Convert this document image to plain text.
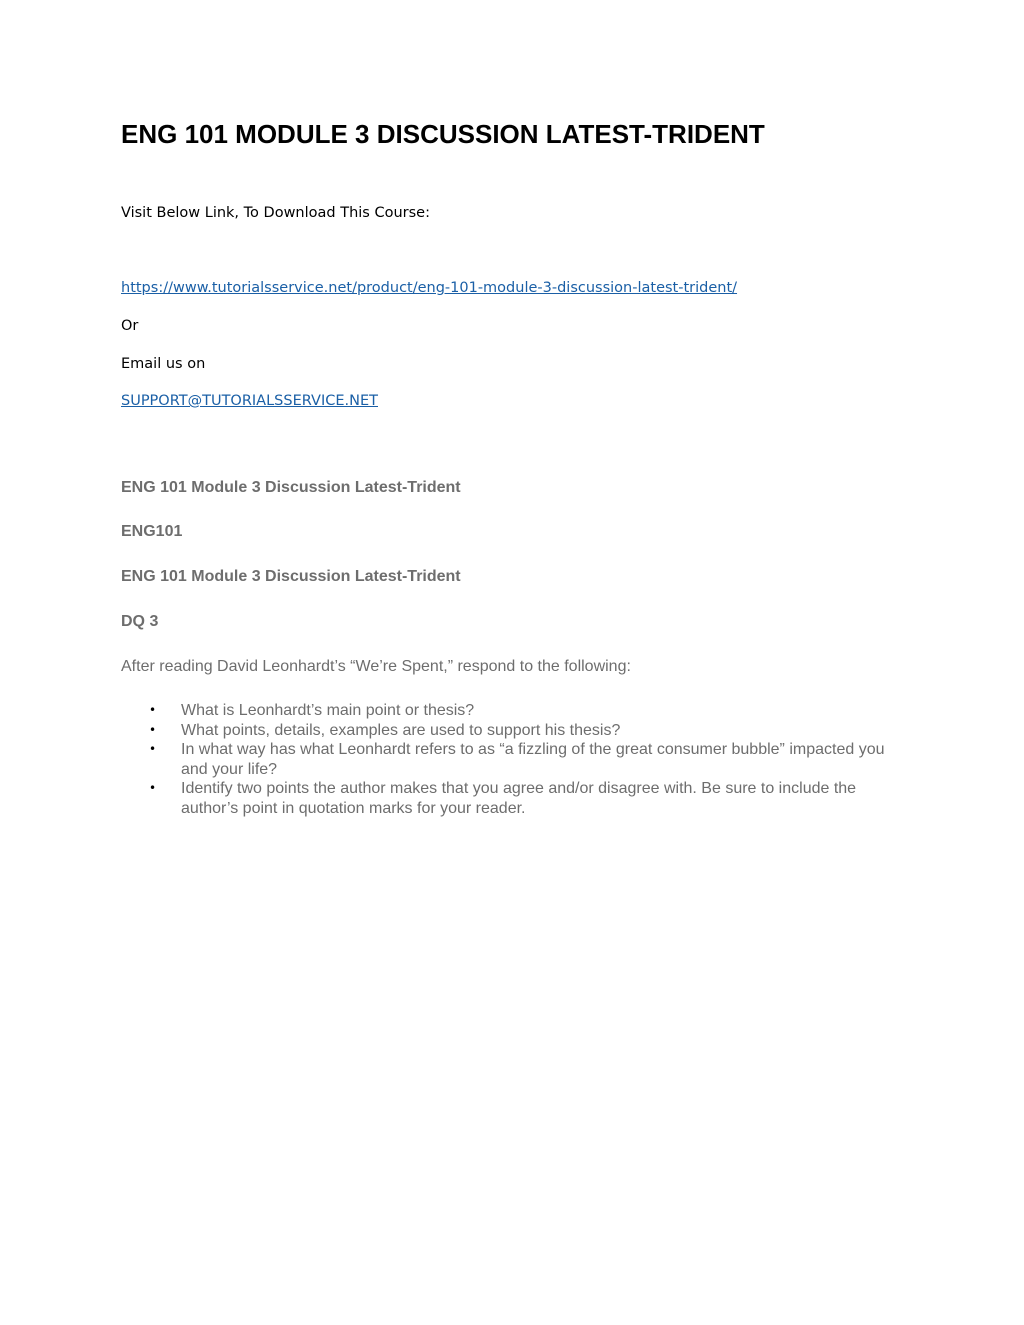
ENG 101 MODULE 3 DISCUSSION LATEST-TRIDENT
Visit Below Link, To Download This Course:
https://www.tutorialsservice.net/product/eng-101-module-3-discussion-latest-trident/
Or
Email us on
SUPPORT@TUTORIALSSERVICE.NET
ENG 101 Module 3 Discussion Latest-Trident
ENG101
ENG 101 Module 3 Discussion Latest-Trident
DQ 3
After reading David Leonhardt’s “We’re Spent,” respond to the following:
• What is Leonhardt’s main point or thesis?
• What points, details, examples are used to support his thesis?
• In what way has what Leonhardt refers to as “a fizzling of the great consumer bubble” impacted you and your life?
• Identify two points the author makes that you agree and/or disagree with. Be sure to include the author’s point in quotation marks for your reader.
